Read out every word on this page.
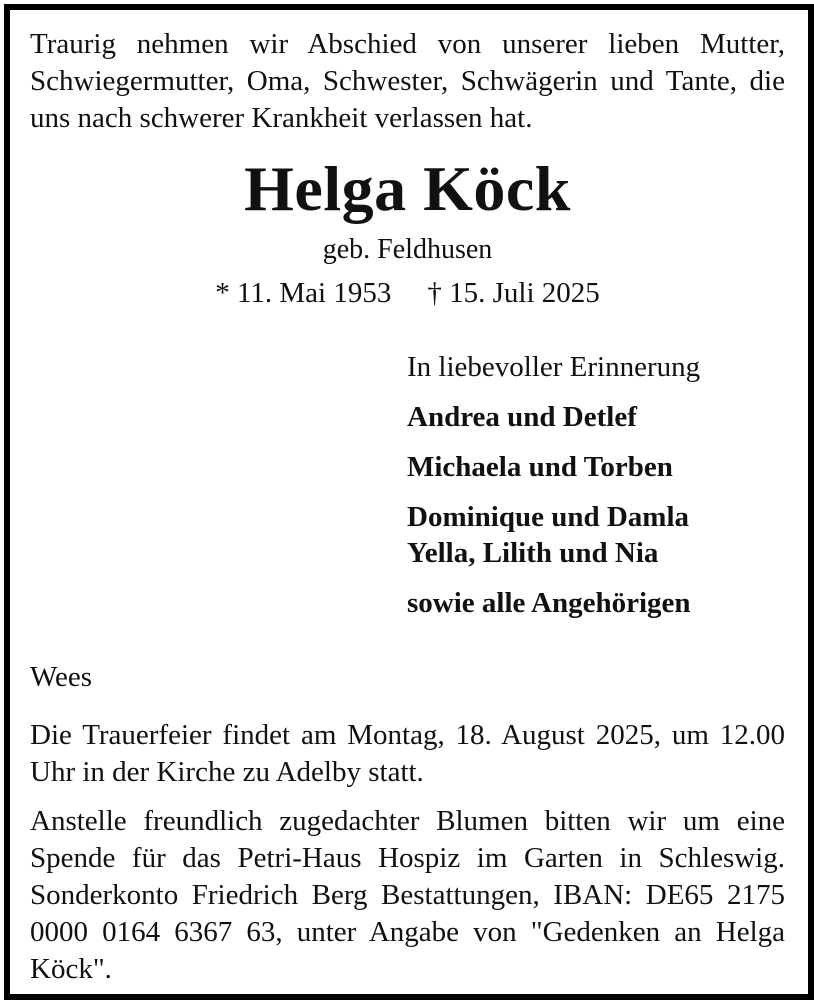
Traurig nehmen wir Abschied von unserer lieben Mutter, Schwiegermutter, Oma, Schwester, Schwägerin und Tante, die uns nach schwerer Krankheit verlassen hat.

Helga Köck
geb. Feldhusen
* 11. Mai 1953 † 15. Juli 2025

In liebevoller Erinnerung

Andrea und Detlef

Michaela und Torben

Dominique und Damla

Yella, Lilith und Nia

sowie alle Angehörigen

Wees

Die Trauerfeier findet am Montag, 18. August 2025, um 12.00 Uhr in der Kirche zu Adelby statt.

Anstelle freundlich zugedachter Blumen bitten wir um eine Spende für das Petri-Haus Hospiz im Garten in Schleswig. Sonderkonto Friedrich Berg Bestattungen, IBAN: DE65 2175 0000 0164 6367 63, unter Angabe von "Gedenken an Helga Köck".
